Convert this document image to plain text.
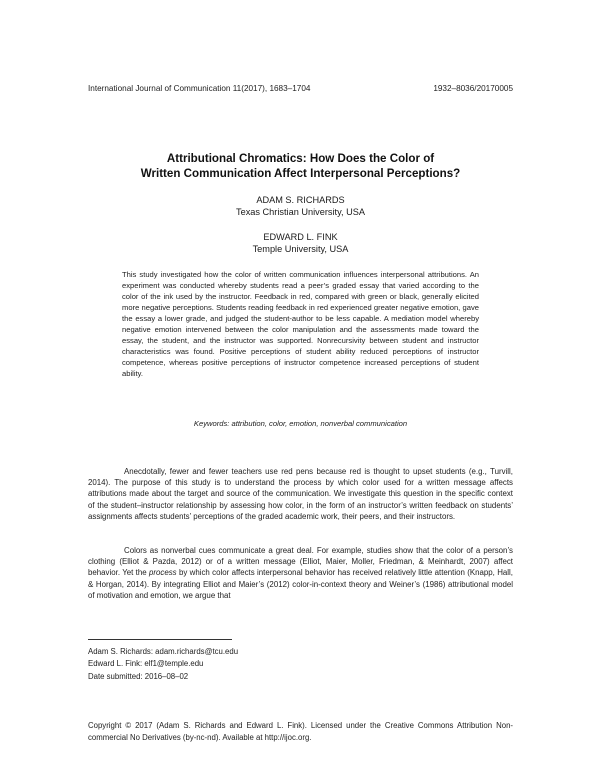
International Journal of Communication 11(2017), 1683–1704	1932–8036/20170005
Attributional Chromatics: How Does the Color of
Written Communication Affect Interpersonal Perceptions?
ADAM S. RICHARDS
Texas Christian University, USA
EDWARD L. FINK
Temple University, USA
This study investigated how the color of written communication influences interpersonal attributions. An experiment was conducted whereby students read a peer’s graded essay that varied according to the color of the ink used by the instructor. Feedback in red, compared with green or black, generally elicited more negative perceptions. Students reading feedback in red experienced greater negative emotion, gave the essay a lower grade, and judged the student-author to be less capable. A mediation model whereby negative emotion intervened between the color manipulation and the assessments made toward the essay, the student, and the instructor was supported. Nonrecursivity between student and instructor characteristics was found. Positive perceptions of student ability reduced perceptions of instructor competence, whereas positive perceptions of instructor competence increased perceptions of student ability.
Keywords: attribution, color, emotion, nonverbal communication
Anecdotally, fewer and fewer teachers use red pens because red is thought to upset students (e.g., Turvill, 2014). The purpose of this study is to understand the process by which color used for a written message affects attributions made about the target and source of the communication. We investigate this question in the specific context of the student–instructor relationship by assessing how color, in the form of an instructor’s written feedback on students’ assignments affects students’ perceptions of the graded academic work, their peers, and their instructors.
Colors as nonverbal cues communicate a great deal. For example, studies show that the color of a person’s clothing (Elliot & Pazda, 2012) or of a written message (Elliot, Maier, Moller, Friedman, & Meinhardt, 2007) affect behavior. Yet the process by which color affects interpersonal behavior has received relatively little attention (Knapp, Hall, & Horgan, 2014). By integrating Elliot and Maier’s (2012) color-in-context theory and Weiner’s (1986) attributional model of motivation and emotion, we argue that
Adam S. Richards: adam.richards@tcu.edu
Edward L. Fink: elf1@temple.edu
Date submitted: 2016–08–02
Copyright © 2017 (Adam S. Richards and Edward L. Fink). Licensed under the Creative Commons Attribution Non-commercial No Derivatives (by-nc-nd). Available at http://ijoc.org.
